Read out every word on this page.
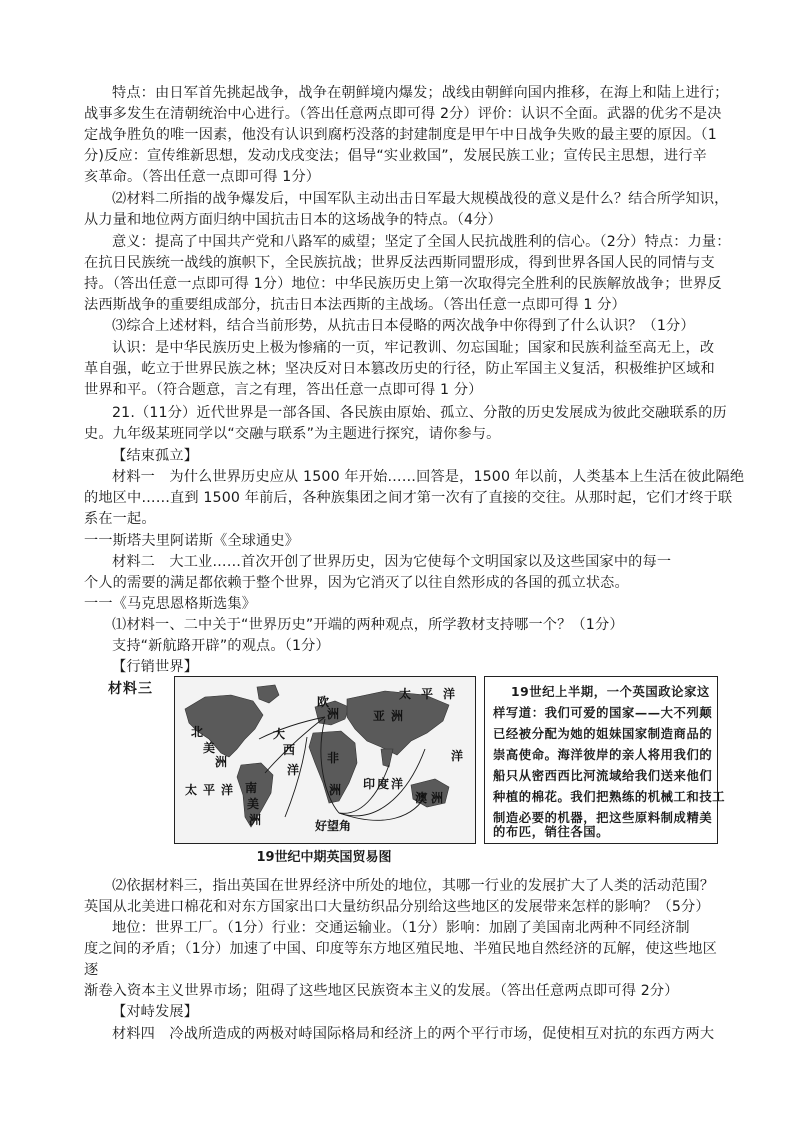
特点：由日军首先挑起战争，战争在朝鲜境内爆发；战线由朝鲜向国内推移，在海上和陆上进行；
战事多发生在清朝统治中心进行。（答出任意两点即可得 2分）评价：认识不全面。武器的优劣不是决
定战争胜负的唯一因素，他没有认识到腐朽没落的封建制度是甲午中日战争失败的最主要的原因。（1
分)反应：宣传维新思想，发动戊戌变法；倡导“实业救国”，发展民族工业；宣传民主思想，进行辛
亥革命。（答出任意一点即可得 1分）
⑵材料二所指的战争爆发后，中国军队主动出击日军最大规模战役的意义是什么？结合所学知识，
从力量和地位两方面归纳中国抗击日本的这场战争的特点。（4分）
意义：提高了中国共产党和八路军的威望；坚定了全国人民抗战胜利的信心。（2分）特点：力量：
在抗日民族统一战线的旗帜下，全民族抗战；世界反法西斯同盟形成，得到世界各国人民的同情与支
持。（答出任意一点即可得 1分）地位：中华民族历史上第一次取得完全胜利的民族解放战争；世界反
法西斯战争的重要组成部分，抗击日本法西斯的主战场。（答出任意一点即可得 1 分）
⑶综合上述材料，结合当前形势，从抗击日本侵略的两次战争中你得到了什么认识？（1分）
认识：是中华民族历史上极为惨痛的一页，牢记教训、勿忘国耻；国家和民族利益至高无上，改
革自强，屹立于世界民族之林；坚决反对日本篡改历史的行径，防止军国主义复活，积极维护区域和
世界和平。（符合题意，言之有理，答出任意一点即可得 1 分）
21.（11分）近代世界是一部各国、各民族由原始、孤立、分散的历史发展成为彼此交融联系的历
史。九年级某班同学以“交融与联系”为主题进行探究，请你参与。
【结束孤立】
材料一　为什么世界历史应从 1500 年开始……回答是，1500 年以前，人类基本上生活在彼此隔绝
的地区中……直到 1500 年前后，各种族集团之间才第一次有了直接的交往。从那时起，它们才终于联
系在一起。
一一斯塔夫里阿诺斯《全球通史》
材料二　大工业……首次开创了世界历史，因为它使每个文明国家以及这些国家中的每一
个人的需要的满足都依赖于整个世界，因为它消灭了以往自然形成的各国的孤立状态。
一一《马克思恩格斯选集》
⑴材料一、二中关于“世界历史”开端的两种观点，所学教材支持哪一个？（1分）
支持“新航路开辟”的观点。（1分）
【行销世界】
材料三
北
美
洲
大
西
洋
太 平 洋 南
美
洲
亚 洲
非
洲
欧
洲
印 度 洋
澳 洲
好望角
太 平 洋
洋
19世纪中期英国贸易图

19世纪上半期，一个英国政论家这

样写道：我们可爱的国家——大不列颠

已经被分配为她的姐妹国家制造商品的

崇高使命。海洋彼岸的亲人将用我们的

船只从密西西比河流域给我们送来他们

种植的棉花。我们把熟练的机械工和技工

制造必要的机器，把这些原料制成精美

的布匹，销往各国。

⑵依据材料三，指出英国在世界经济中所处的地位，其哪一行业的发展扩大了人类的活动范围？
英国从北美进口棉花和对东方国家出口大量纺织品分别给这些地区的发展带来怎样的影响？（5分）
地位：世界工厂。（1分）行业：交通运输业。（1分）影响：加剧了美国南北两种不同经济制
度之间的矛盾；（1分）加速了中国、印度等东方地区殖民地、半殖民地自然经济的瓦解，使这些地区
逐
渐卷入资本主义世界市场；阻碍了这些地区民族资本主义的发展。（答出任意两点即可得 2分）
【对峙发展】
材料四　冷战所造成的两极对峙国际格局和经济上的两个平行市场，促使相互对抗的东西方两大
